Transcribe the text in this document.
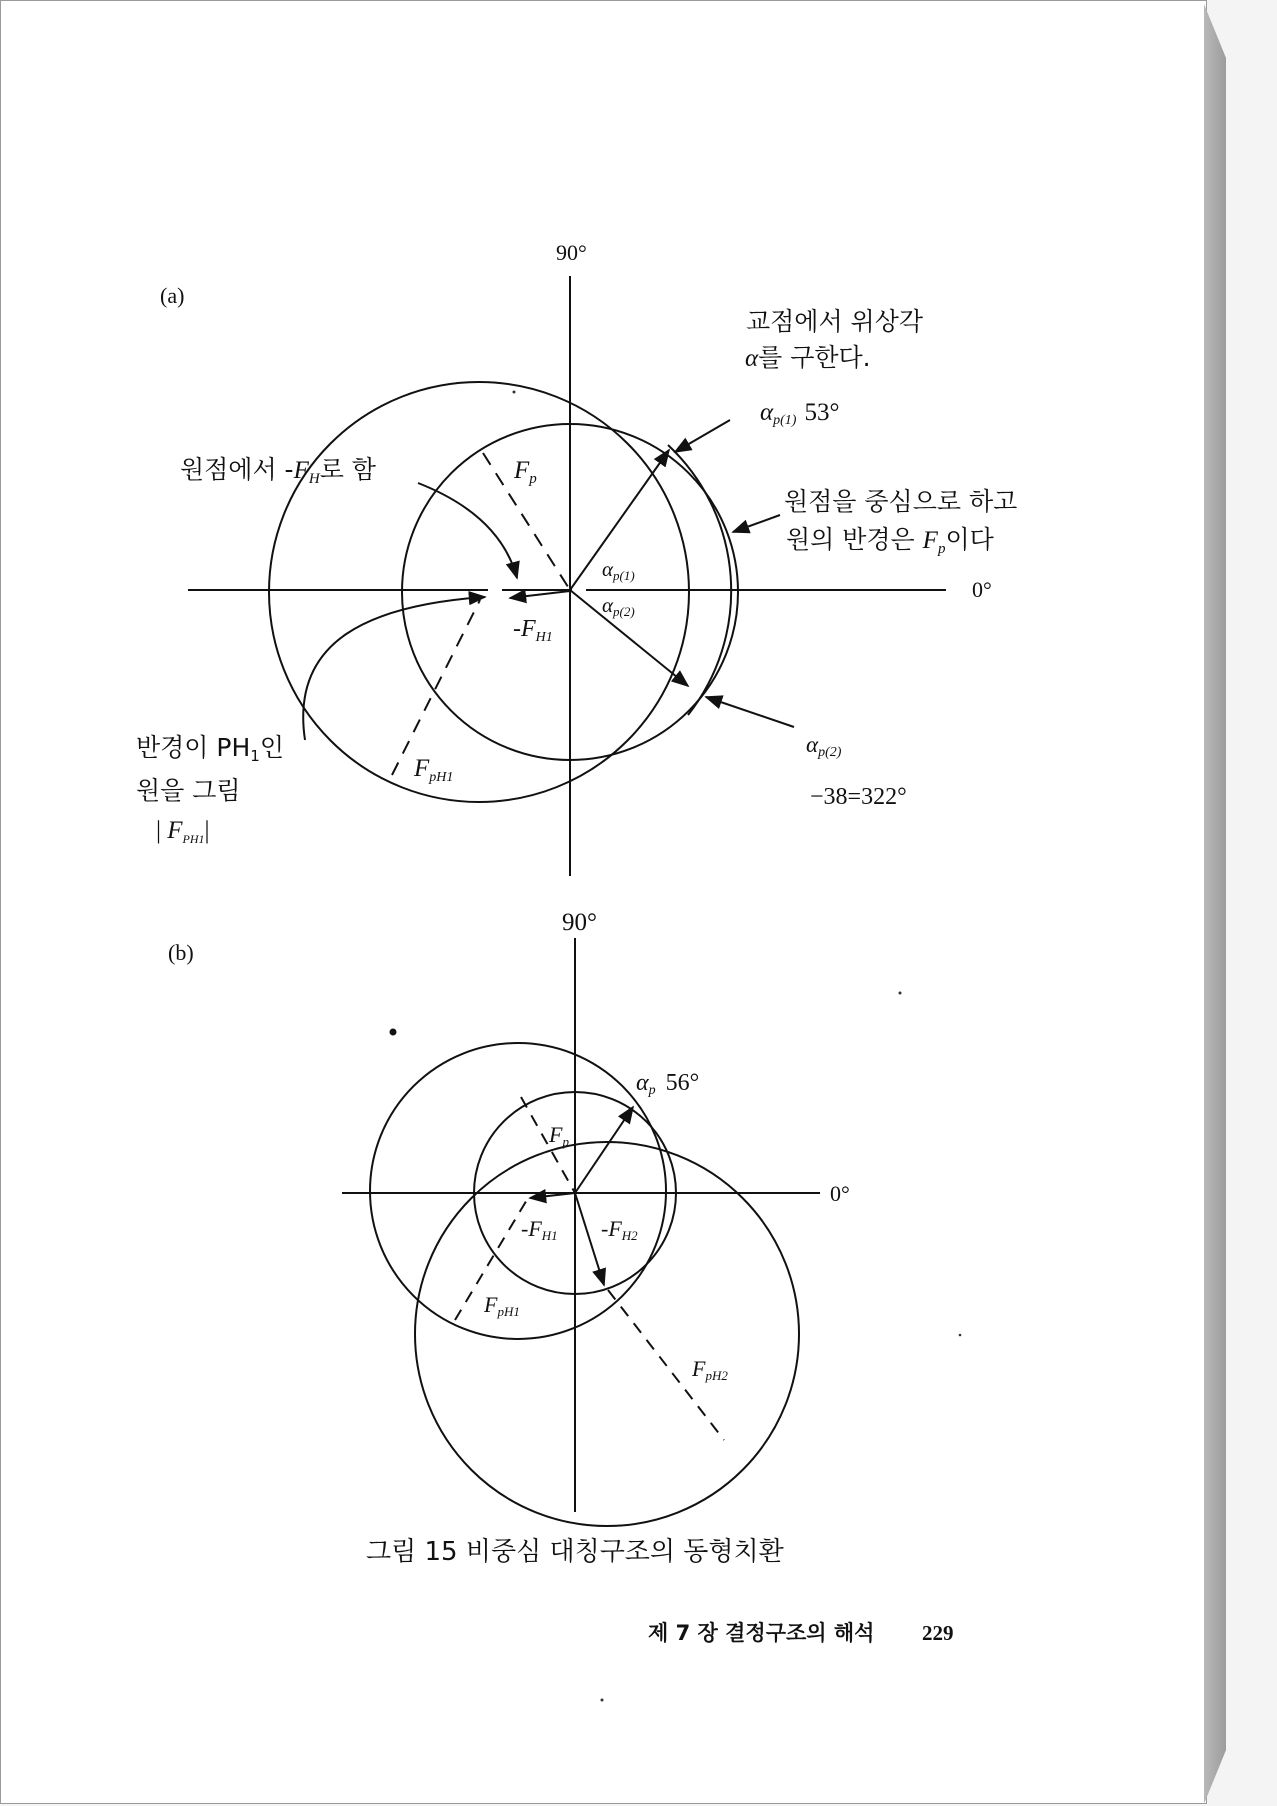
(a)
90°
0°
교점에서 위상각
α를 구한다.
αp(1) 53°
원점에서 $-F_H$로 함	$F_p$
원점을 중심으로 하고
원의 반경은 $F_p$이다
αp(1)
αp(2)
$-F_{H1}$
반경이 $PH_1$인
원을 그림
| $F_{PH1}|$
$F_{pH1}$
αp(2)
−38=322°
(b)
90°
0°
αp 56°
Fp
-FH1 -FH2
FpH1
FpH2
그림 15 비중심 대칭구조의 동형치환
제 7 장 결정구조의 해석 229
